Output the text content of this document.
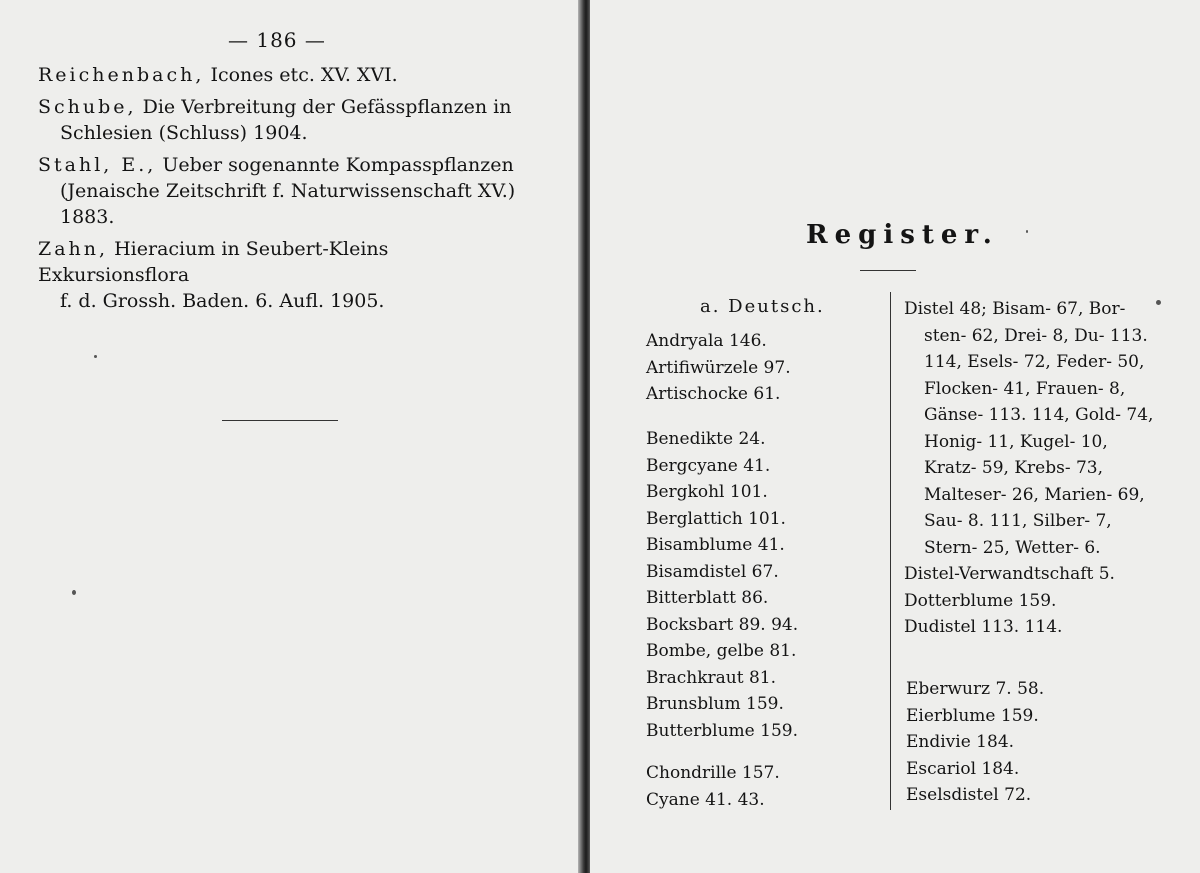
— 186 —
Reichenbach, Icones etc. XV. XVI.
Schube, Die Verbreitung der Gefässpflanzen in
Schlesien (Schluss) 1904.
Stahl, E., Ueber sogenannte Kompasspflanzen
(Jenaische Zeitschrift f. Naturwissenschaft XV.)
1883.
Zahn, Hieracium in Seubert-Kleins Exkursionsflora
f. d. Grossh. Baden. 6. Aufl. 1905.
Register.
a. Deutsch.
Andryala 146.
Artifiwürzele 97.
Artischocke 61.
Benedikte 24.
Bergcyane 41.
Bergkohl 101.
Berglattich 101.
Bisamblume 41.
Bisamdistel 67.
Bitterblatt 86.
Bocksbart 89. 94.
Bombe, gelbe 81.
Brachkraut 81.
Brunsblum 159.
Butterblume 159.
Chondrille 157.
Cyane 41. 43.
Distel 48; Bisam- 67, Bor-
sten- 62, Drei- 8, Du- 113.
114, Esels- 72, Feder- 50,
Flocken- 41, Frauen- 8,
Gänse- 113. 114, Gold- 74,
Honig- 11, Kugel- 10,
Kratz- 59, Krebs- 73,
Malteser- 26, Marien- 69,
Sau- 8. 111, Silber- 7,
Stern- 25, Wetter- 6.
Distel-Verwandtschaft 5.
Dotterblume 159.
Dudistel 113. 114.
Eberwurz 7. 58.
Eierblume 159.
Endivie 184.
Escariol 184.
Eselsdistel 72.
